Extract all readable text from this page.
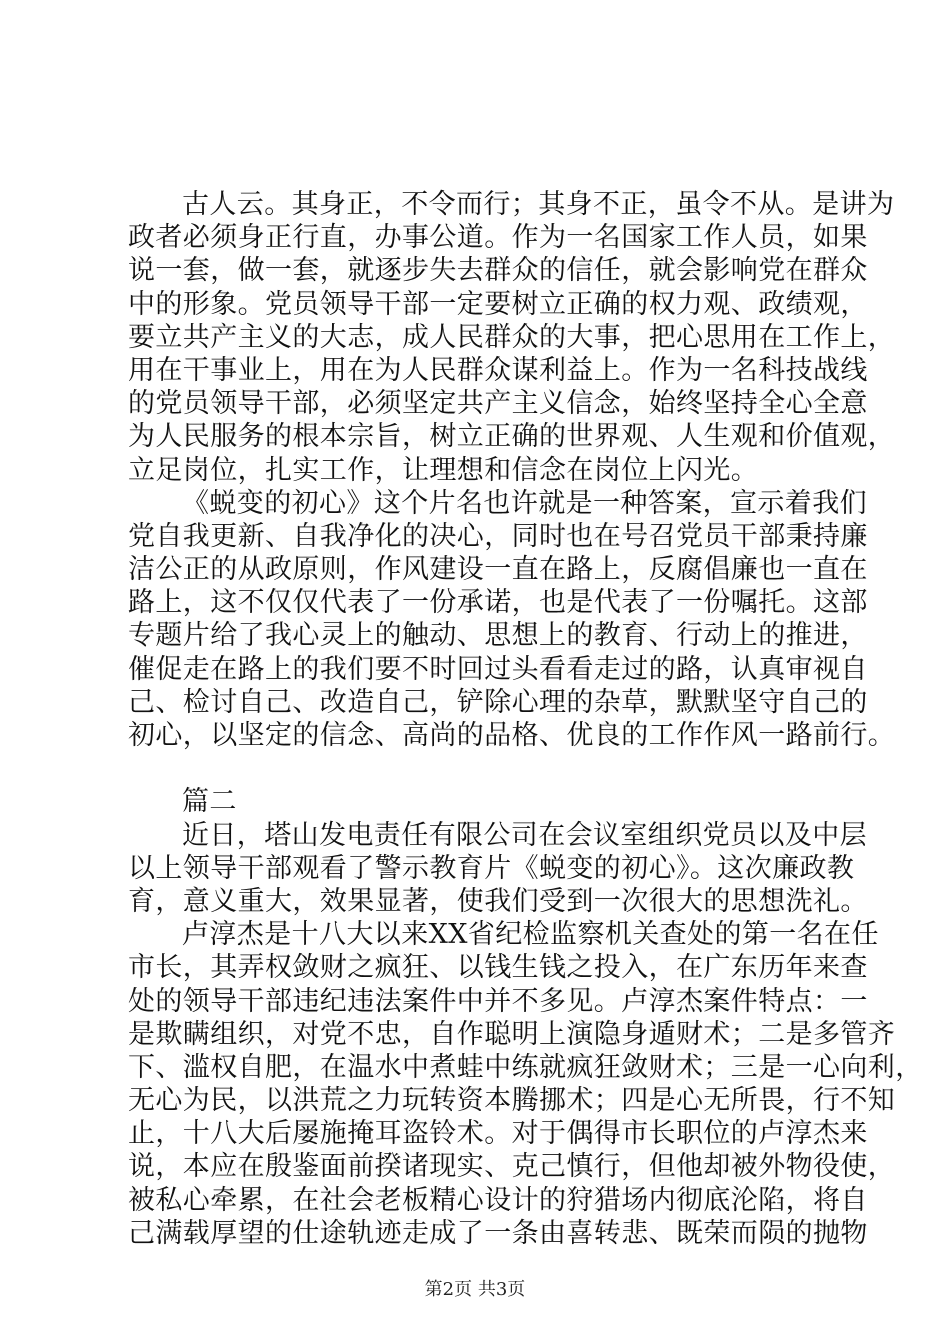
古人云。其身正，不令而行；其身不正，虽令不从。是讲为
政者必须身正行直，办事公道。作为一名国家工作人员，如果
说一套，做一套，就逐步失去群众的信任，就会影响党在群众
中的形象。党员领导干部一定要树立正确的权力观、政绩观，
要立共产主义的大志，成人民群众的大事，把心思用在工作上，
用在干事业上，用在为人民群众谋利益上。作为一名科技战线
的党员领导干部，必须坚定共产主义信念，始终坚持全心全意
为人民服务的根本宗旨，树立正确的世界观、人生观和价值观，
立足岗位，扎实工作，让理想和信念在岗位上闪光。
《蜕变的初心》这个片名也许就是一种答案，宣示着我们
党自我更新、自我净化的决心，同时也在号召党员干部秉持廉
洁公正的从政原则，作风建设一直在路上，反腐倡廉也一直在
路上，这不仅仅代表了一份承诺，也是代表了一份嘱托。这部
专题片给了我心灵上的触动、思想上的教育、行动上的推进，
催促走在路上的我们要不时回过头看看走过的路，认真审视自
己、检讨自己、改造自己，铲除心理的杂草，默默坚守自己的
初心，以坚定的信念、高尚的品格、优良的工作作风一路前行。
篇二
近日，塔山发电责任有限公司在会议室组织党员以及中层
以上领导干部观看了警示教育片《蜕变的初心》。这次廉政教
育，意义重大，效果显著，使我们受到一次很大的思想洗礼。
卢淳杰是十八大以来XX省纪检监察机关查处的第一名在任
市长，其弄权敛财之疯狂、以钱生钱之投入，在广东历年来查
处的领导干部违纪违法案件中并不多见。卢淳杰案件特点：一
是欺瞒组织，对党不忠，自作聪明上演隐身遁财术；二是多管齐
下、滥权自肥，在温水中煮蛙中练就疯狂敛财术；三是一心向利，
无心为民，以洪荒之力玩转资本腾挪术；四是心无所畏，行不知
止，十八大后屡施掩耳盗铃术。对于偶得市长职位的卢淳杰来
说，本应在殷鉴面前揆诸现实、克己慎行，但他却被外物役使，
被私心牵累，在社会老板精心设计的狩猎场内彻底沦陷，将自
己满载厚望的仕途轨迹走成了一条由喜转悲、既荣而陨的抛物
第2页 共3页
